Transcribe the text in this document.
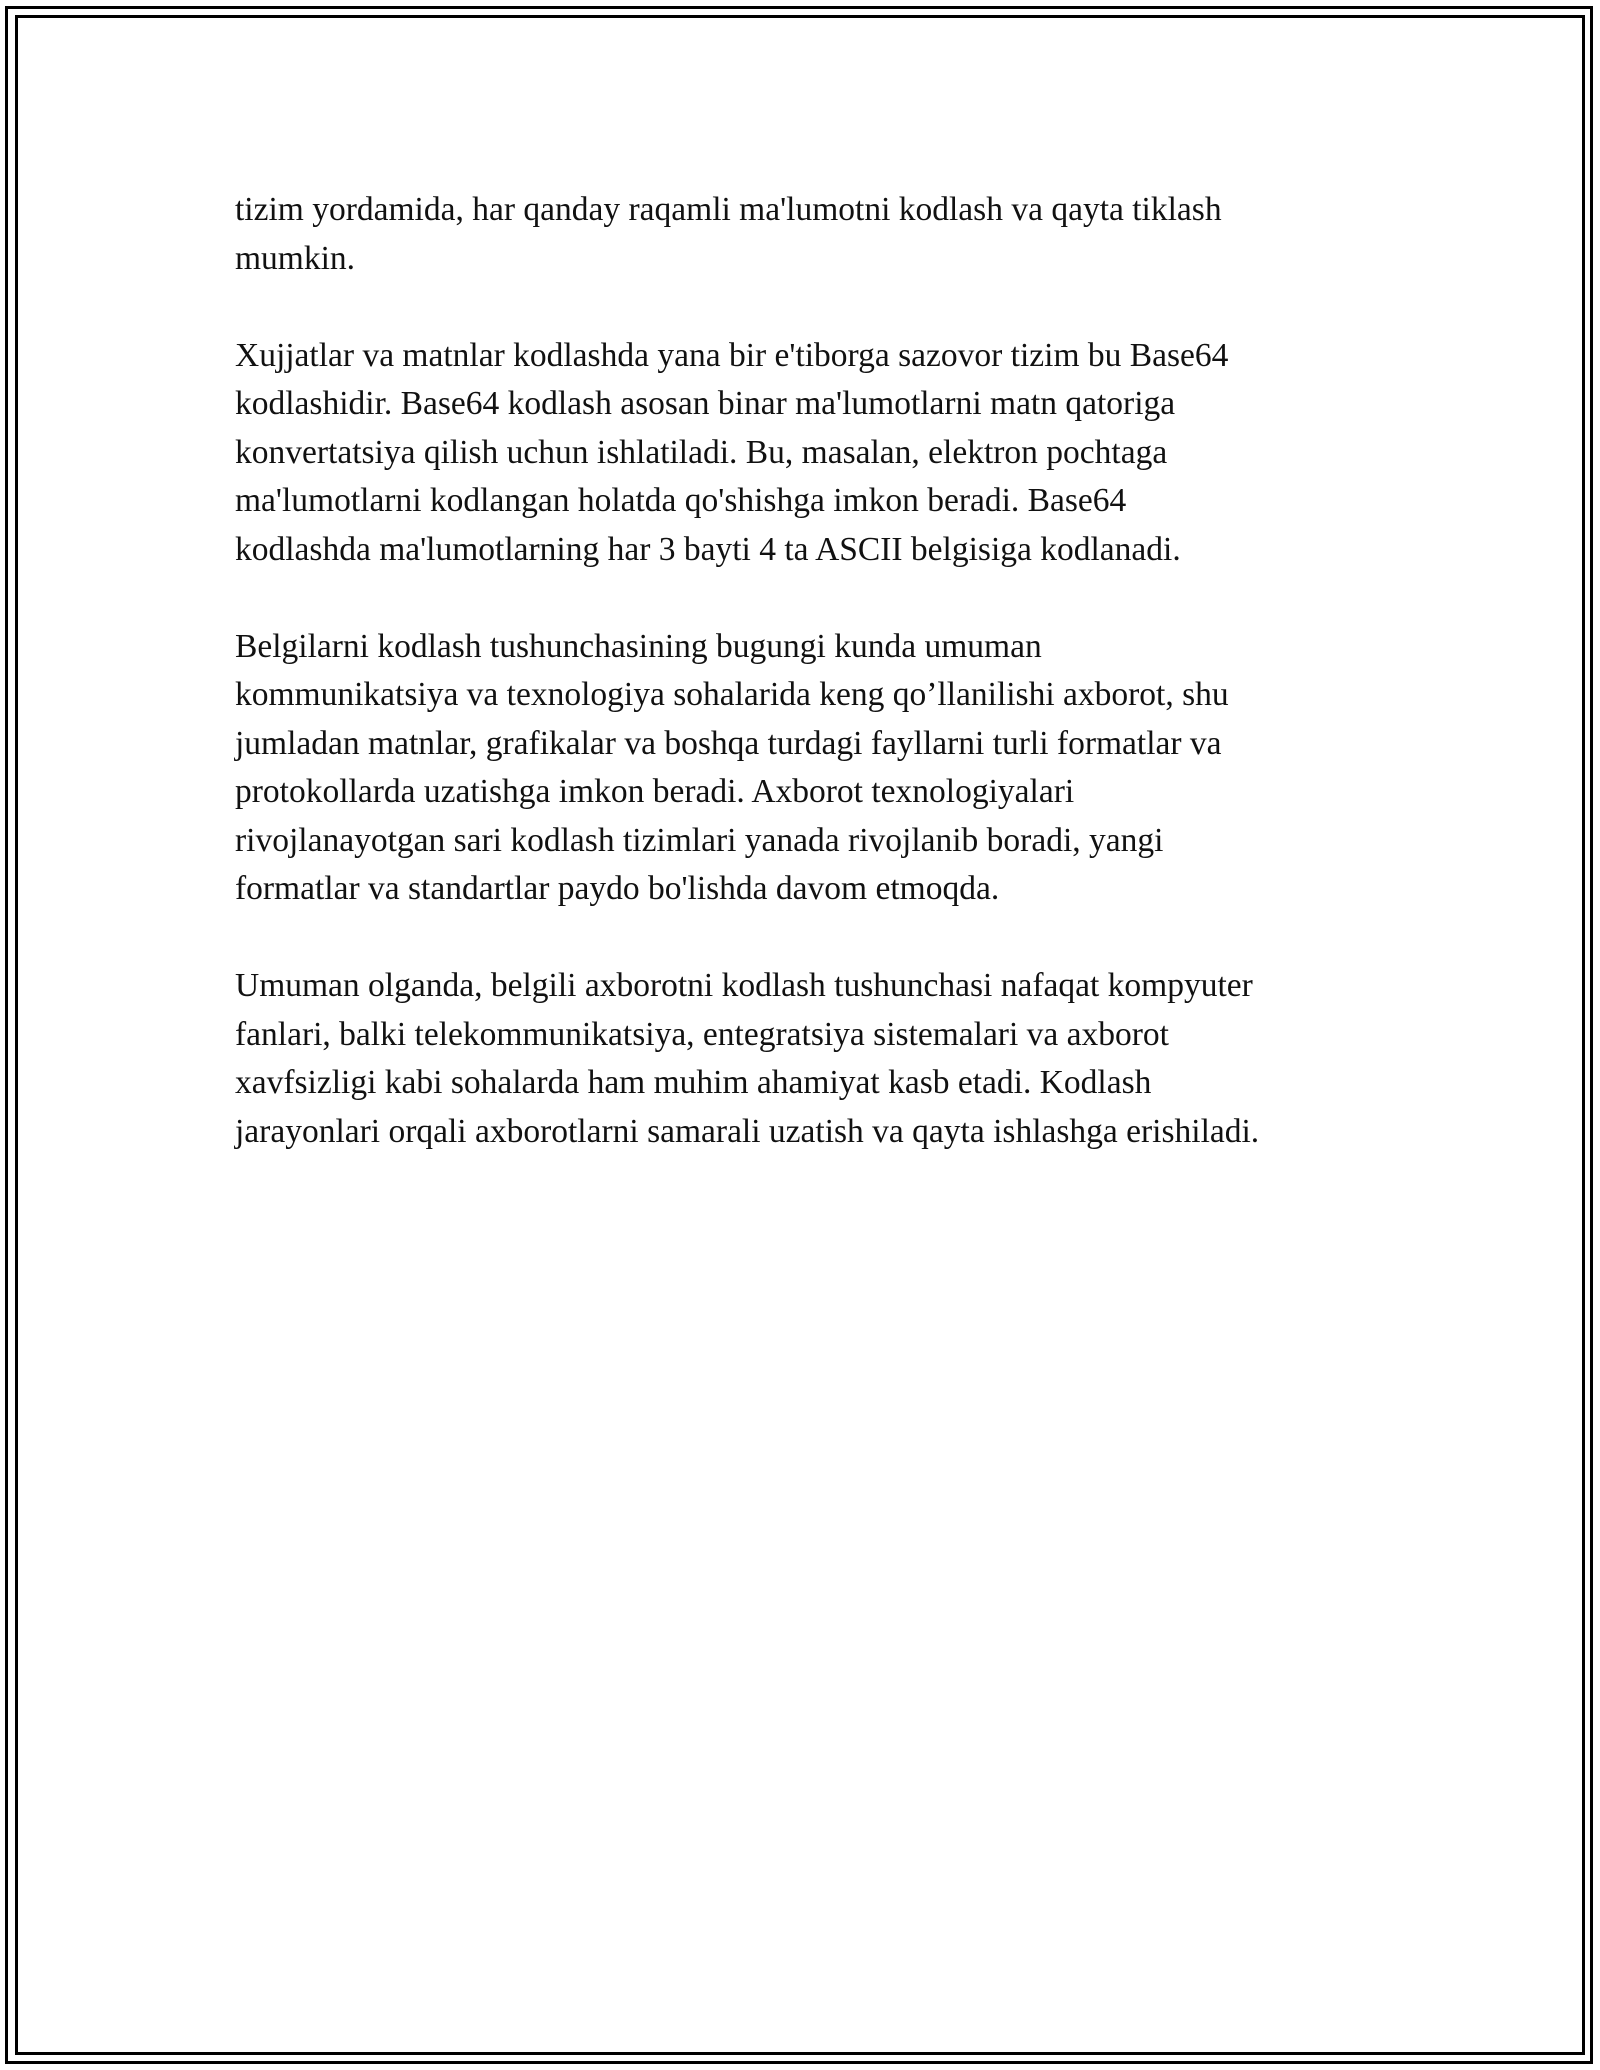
tizim yordamida, har qanday raqamli ma'lumotni kodlash va qayta tiklash
mumkin.

Xujjatlar va matnlar kodlashda yana bir e'tiborga sazovor tizim bu Base64
kodlashidir. Base64 kodlash asosan binar ma'lumotlarni matn qatoriga
konvertatsiya qilish uchun ishlatiladi. Bu, masalan, elektron pochtaga
ma'lumotlarni kodlangan holatda qo'shishga imkon beradi. Base64
kodlashda ma'lumotlarning har 3 bayti 4 ta ASCII belgisiga kodlanadi.

Belgilarni kodlash tushunchasining bugungi kunda umuman
kommunikatsiya va texnologiya sohalarida keng qo’llanilishi axborot, shu
jumladan matnlar, grafikalar va boshqa turdagi fayllarni turli formatlar va
protokollarda uzatishga imkon beradi. Axborot texnologiyalari
rivojlanayotgan sari kodlash tizimlari yanada rivojlanib boradi, yangi
formatlar va standartlar paydo bo'lishda davom etmoqda.

Umuman olganda, belgili axborotni kodlash tushunchasi nafaqat kompyuter
fanlari, balki telekommunikatsiya, entegratsiya sistemalari va axborot
xavfsizligi kabi sohalarda ham muhim ahamiyat kasb etadi. Kodlash
jarayonlari orqali axborotlarni samarali uzatish va qayta ishlashga erishiladi.
